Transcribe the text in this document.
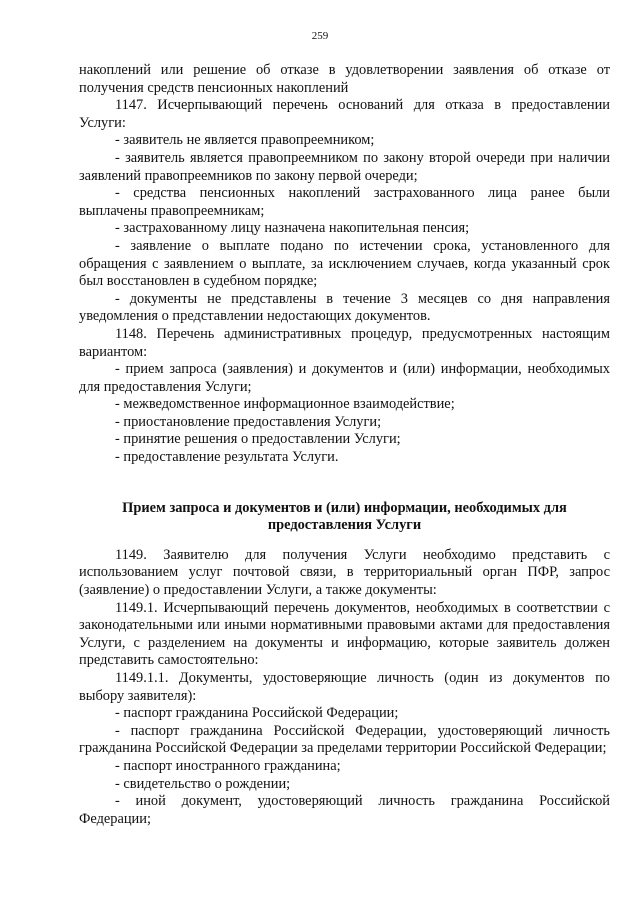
259

накоплений или решение об отказе в удовлетворении заявления об отказе от получения средств пенсионных накоплений

1147. Исчерпывающий перечень оснований для отказа в предоставлении Услуги:

- заявитель не является правопреемником;

- заявитель является правопреемником по закону второй очереди при наличии заявлений правопреемников по закону первой очереди;

- средства пенсионных накоплений застрахованного лица ранее были выплачены правопреемникам;

- застрахованному лицу назначена накопительная пенсия;

- заявление о выплате подано по истечении срока, установленного для обращения с заявлением о выплате, за исключением случаев, когда указанный срок был восстановлен в судебном порядке;

- документы не представлены в течение 3 месяцев со дня направления уведомления о представлении недостающих документов.

1148. Перечень административных процедур, предусмотренных настоящим вариантом:

- прием запроса (заявления) и документов и (или) информации, необходимых для предоставления Услуги;

- межведомственное информационное взаимодействие;

- приостановление предоставления Услуги;

- принятие решения о предоставлении Услуги;

- предоставление результата Услуги.

Прием запроса и документов и (или) информации, необходимых для
предоставления Услуги

1149. Заявителю для получения Услуги необходимо представить с использованием услуг почтовой связи, в территориальный орган ПФР, запрос (заявление) о предоставлении Услуги, а также документы:

1149.1. Исчерпывающий перечень документов, необходимых в соответствии с законодательными или иными нормативными правовыми актами для предоставления Услуги, с разделением на документы и информацию, которые заявитель должен представить самостоятельно:

1149.1.1. Документы, удостоверяющие личность (один из документов по выбору заявителя):

- паспорт гражданина Российской Федерации;

- паспорт гражданина Российской Федерации, удостоверяющий личность гражданина Российской Федерации за пределами территории Российской Федерации;

- паспорт иностранного гражданина;

- свидетельство о рождении;

- иной документ, удостоверяющий личность гражданина Российской Федерации;
